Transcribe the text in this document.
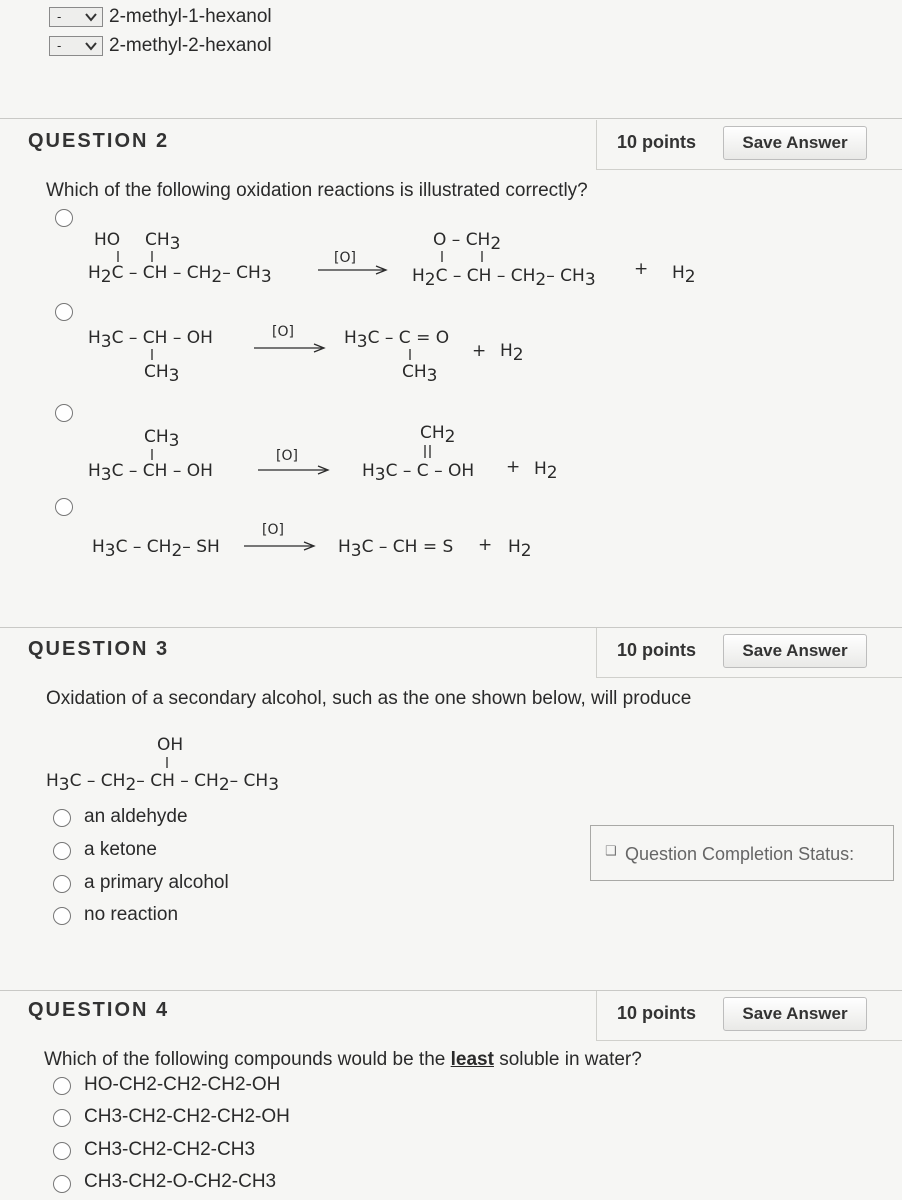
-	2-methyl-1-hexanol
-	2-methyl-2-hexanol
QUESTION 2	10 points	Save Answer
Which of the following oxidation reactions is illustrated correctly?
HO CH3
H2C – CH – CH2– CH3
[O]
O – CH2
H2C – CH – CH2– CH3
+ H2
H3C – CH – OH
CH3
[O]	H3C – C = O
CH3
+ H2
CH3
H3C – CH – OH
[O]
CH2
H3C – C – OH + H2
H3C – CH2– SH
[O]
H3C – CH = S + H2
QUESTION 3	10 points	Save Answer
Oxidation of a secondary alcohol, such as the one shown below, will produce
OH
H3C – CH2– CH – CH2– CH3
an aldehyde
a ketone
a primary alcohol
no reaction
❑ Question Completion Status:
QUESTION 4	10 points	Save Answer
Which of the following compounds would be the least soluble in water?
HO-CH2-CH2-CH2-OH
CH3-CH2-CH2-CH2-OH
CH3-CH2-CH2-CH3
CH3-CH2-O-CH2-CH3
